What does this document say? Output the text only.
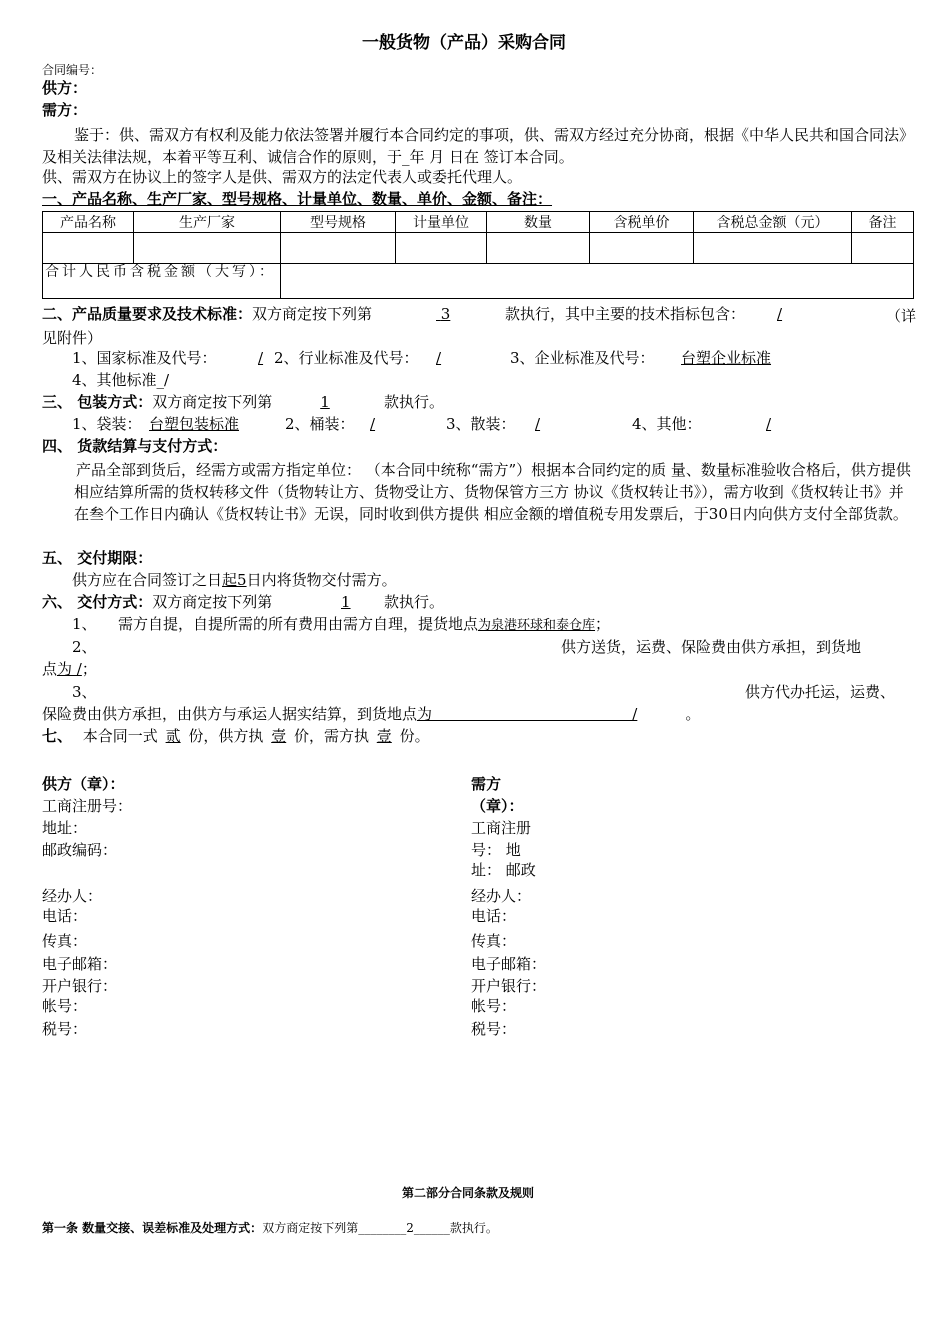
一般货物（产品）采购合同
合同编号：
供方：
需方：
鉴于：供、需双方有权利及能力依法签署并履行本合同约定的事项，供、需双方经过充分协商，根据《中华人民共和国合同法》及相关法律法规，本着平等互利、诚信合作的原则，于_年 月 日在 签订本合同。
供、需双方在协议上的签字人是供、需双方的法定代表人或委托代理人。
一、产品名称、生产厂家、型号规格、计量单位、数量、单价、金额、备注：
产品名称	生产厂家	型号规格	计量单位	数量	含税单价	含税总金额（元）	备注

合计人民币含税金额（大写）：							
二、产品质量要求及技术标准：双方商定按下列第	3	款执行，其中主要的技术指标包含： /	（详见附件）
1、国家标准及代号：	/ 2、行业标准及代号： /	3、企业标准及代号： 台塑企业标准
4、其他标准_/
三、 包装方式：双方商定按下列第	1	款执行。
1、袋装： 台塑包装标准	2、桶装： /	3、散装： /	4、其他：	/
四、 货款结算与支付方式：
产品全部到货后，经需方或需方指定单位： （本合同中统称“需方”）根据本合同约定的质 量、数量标准验收合格后，供方提供相应结算所需的货权转移文件（货物转让方、货物受让方、货物保管方三方 协议《货权转让书》），需方收到《货权转让书》并在叁个工作日内确认《货权转让书》无误，同时收到供方提供 相应金额的增值税专用发票后，于30日内向供方支付全部货款。
五、 交付期限：
供方应在合同签订之日起5日内将货物交付需方。
六、 交付方式：双方商定按下列第	1 款执行。
1、 需方自提，自提所需的所有费用由需方自理，提货地点为泉港环球和泰仓库；
2、	供方送货，运费、保险费由供方承担，到货地
点为 /；
3、	供方代办托运，运费、
保险费由供方承担，由供方与承运人据实结算，到货地点为                                          /	。
七、 本合同一式 贰 份，供方执 壹 价，需方执 壹 份。
供方（章）：
工商注册号：
地址：
邮政编码：
经办人：
电话：
传真：
电子邮箱：
开户银行：
帐号：
税号：
需方
（章）：
工商注册
号： 地
址： 邮政
经办人：
电话：
传真：
电子邮箱：
开户银行：
帐号：
税号：
第二部分合同条款及规则
第一条 数量交接、误差标准及处理方式：双方商定按下列第________2______款执行。
